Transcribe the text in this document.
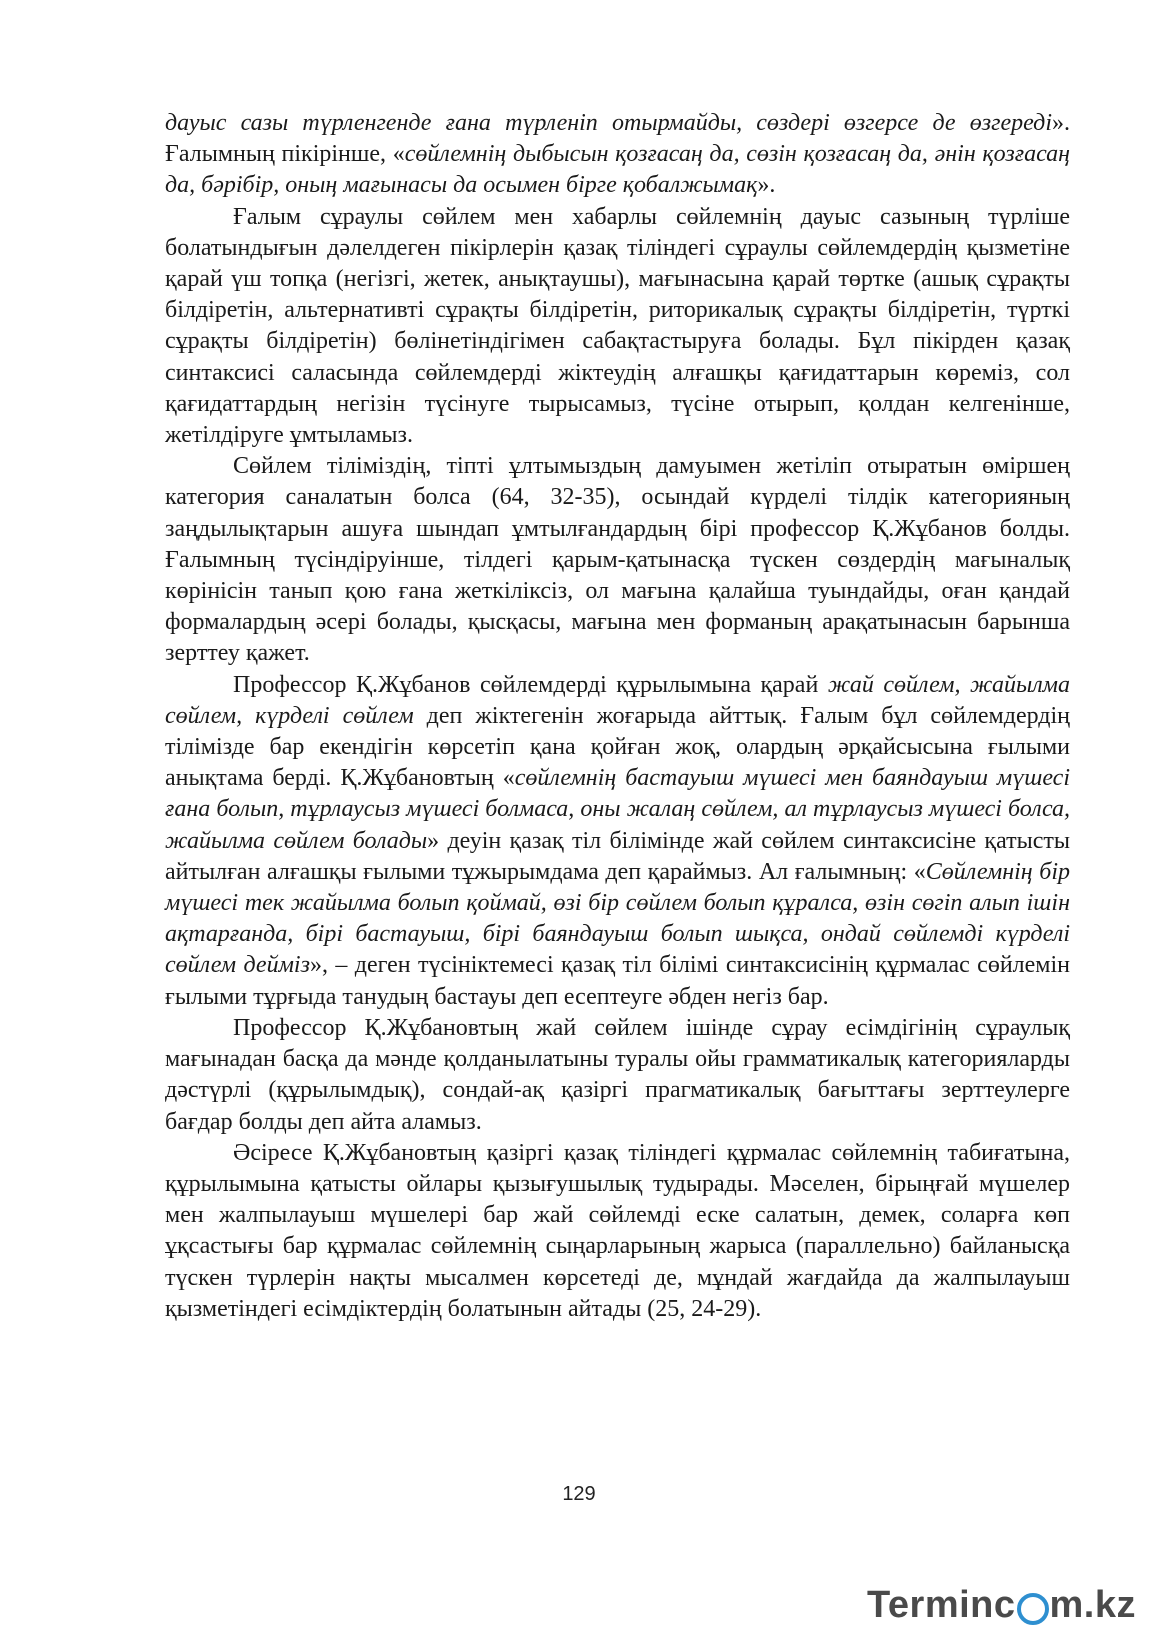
дауыс сазы түрленгенде ғана түрленіп отырмайды, сөздері өзгерсе де өзгереді». Ғалымның пікірінше, «сөйлемнің дыбысын қозғасаң да, сөзін қозғасаң да, әнін қозғасаң да, бәрібір, оның мағынасы да осымен бірге қобалжымақ».

Ғалым сұраулы сөйлем мен хабарлы сөйлемнің дауыс сазының түрліше болатындығын дәлелдеген пікірлерін қазақ тіліндегі сұраулы сөйлемдердің қызметіне қарай үш топқа (негізгі, жетек, анықтаушы), мағынасына қарай төртке (ашық сұрақты білдіретін, альтернативті сұрақты білдіретін, риторикалық сұрақты білдіретін, түрткі сұрақты білдіретін) бөлінетіндігімен сабақтастыруға болады. Бұл пікірден қазақ синтаксисі саласында сөйлемдерді жіктеудің алғашқы қағидаттарын көреміз, сол қағидаттардың негізін түсінуге тырысамыз, түсіне отырып, қолдан келгенінше, жетілдіруге ұмтыламыз.

Сөйлем тіліміздің, тіпті ұлтымыздың дамуымен жетіліп отыратын өміршең категория саналатын болса (64, 32-35), осындай күрделі тілдік категорияның заңдылықтарын ашуға шындап ұмтылғандардың бірі профессор Қ.Жұбанов болды. Ғалымның түсіндіруінше, тілдегі қарым-қатынасқа түскен сөздердің мағыналық көрінісін танып қою ғана жеткіліксіз, ол мағына қалайша туындайды, оған қандай формалардың әсері болады, қысқасы, мағына мен форманың арақатынасын барынша зерттеу қажет.

Профессор Қ.Жұбанов сөйлемдерді құрылымына қарай жай сөйлем, жайылма сөйлем, күрделі сөйлем деп жіктегенін жоғарыда айттық. Ғалым бұл сөйлемдердің тілімізде бар екендігін көрсетіп қана қойған жоқ, олардың әрқайсысына ғылыми анықтама берді. Қ.Жұбановтың «сөйлемнің бастауыш мүшесі мен баяндауыш мүшесі ғана болып, тұрлаусыз мүшесі болмаса, оны жалаң сөйлем, ал тұрлаусыз мүшесі болса, жайылма сөйлем болады» деуін қазақ тіл білімінде жай сөйлем синтаксисіне қатысты айтылған алғашқы ғылыми тұжырымдама деп қараймыз. Ал ғалымның: «Сөйлемнің бір мүшесі тек жайылма болып қоймай, өзі бір сөйлем болып құралса, өзін сөгіп алып ішін ақтарғанда, бірі бастауыш, бірі баяндауыш болып шықса, ондай сөйлемді күрделі сөйлем дейміз», – деген түсініктемесі қазақ тіл білімі синтаксисінің құрмалас сөйлемін ғылыми тұрғыда танудың бастауы деп есептеуге әбден негіз бар.

Профессор Қ.Жұбановтың жай сөйлем ішінде сұрау есімдігінің сұраулық мағынадан басқа да мәнде қолданылатыны туралы ойы грамматикалық категорияларды дәстүрлі (құрылымдық), сондай-ақ қазіргі прагматикалық бағыттағы зерттеулерге бағдар болды деп айта аламыз.

Әсіресе Қ.Жұбановтың қазіргі қазақ тіліндегі құрмалас сөйлемнің табиғатына, құрылымына қатысты ойлары қызығушылық тудырады. Мәселен, бірыңғай мүшелер мен жалпылауыш мүшелері бар жай сөйлемді еске салатын, демек, соларға көп ұқсастығы бар құрмалас сөйлемнің сыңарларының жарыса (параллельно) байланысқа түскен түрлерін нақты мысалмен көрсетеді де, мұндай жағдайда да жалпылауыш қызметіндегі есімдіктердің болатынын айтады (25, 24-29).

129
Termin c m.kz
